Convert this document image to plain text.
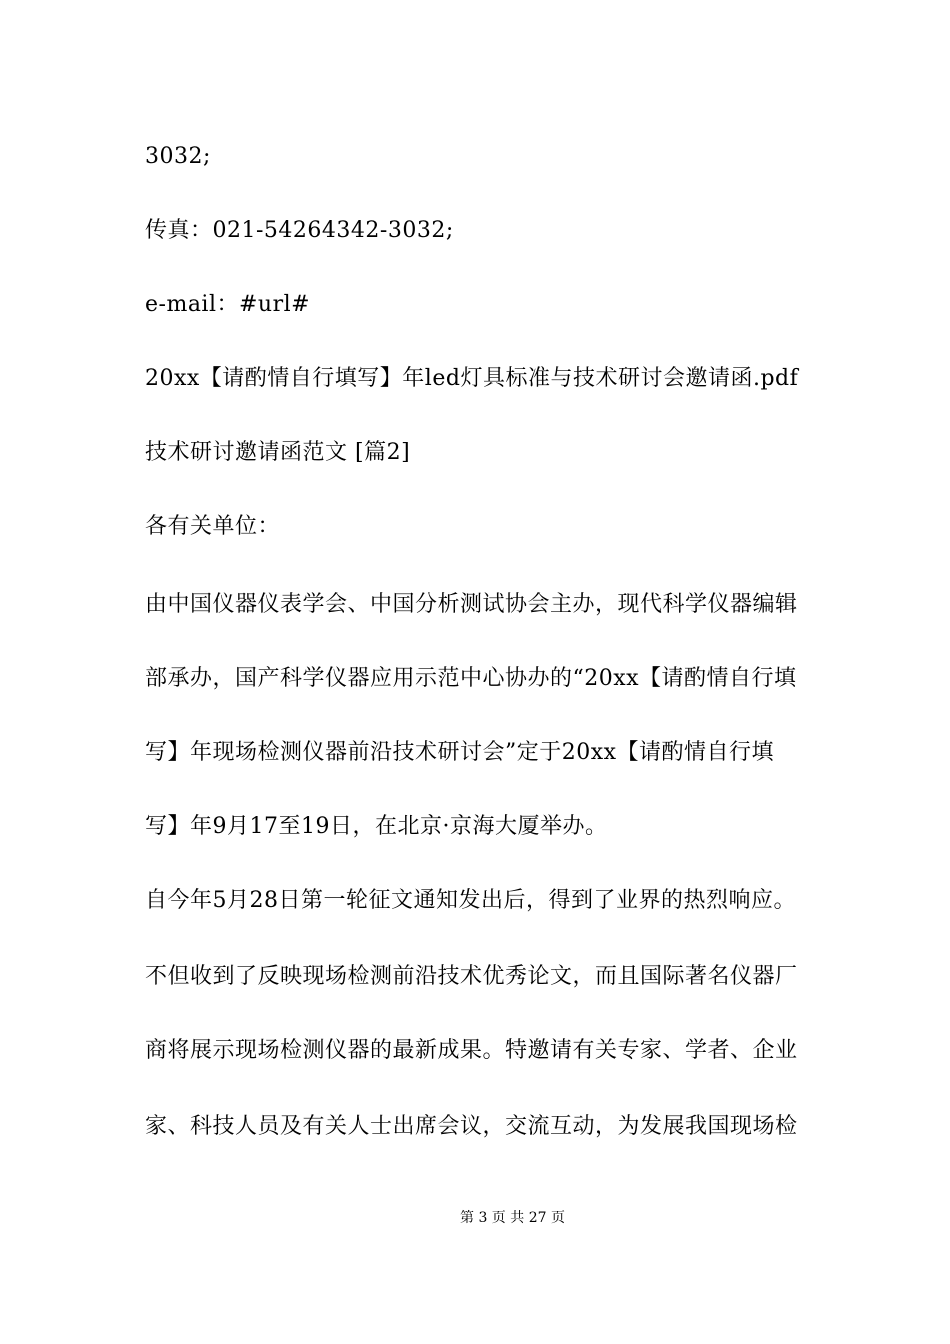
3032;
传真：021-54264342-3032;
e-mail：#url#
20xx【请酌情自行填写】年led灯具标准与技术研讨会邀请函.pdf
技术研讨邀请函范文 [篇2]
各有关单位：
由中国仪器仪表学会、中国分析测试协会主办，现代科学仪器编辑
部承办，国产科学仪器应用示范中心协办的“20xx【请酌情自行填
写】年现场检测仪器前沿技术研讨会”定于20xx【请酌情自行填
写】年9月17至19日，在北京·京海大厦举办。
自今年5月28日第一轮征文通知发出后，得到了业界的热烈响应。
不但收到了反映现场检测前沿技术优秀论文，而且国际著名仪器厂
商将展示现场检测仪器的最新成果。特邀请有关专家、学者、企业
家、科技人员及有关人士出席会议，交流互动，为发展我国现场检
第 3 页 共 27 页
